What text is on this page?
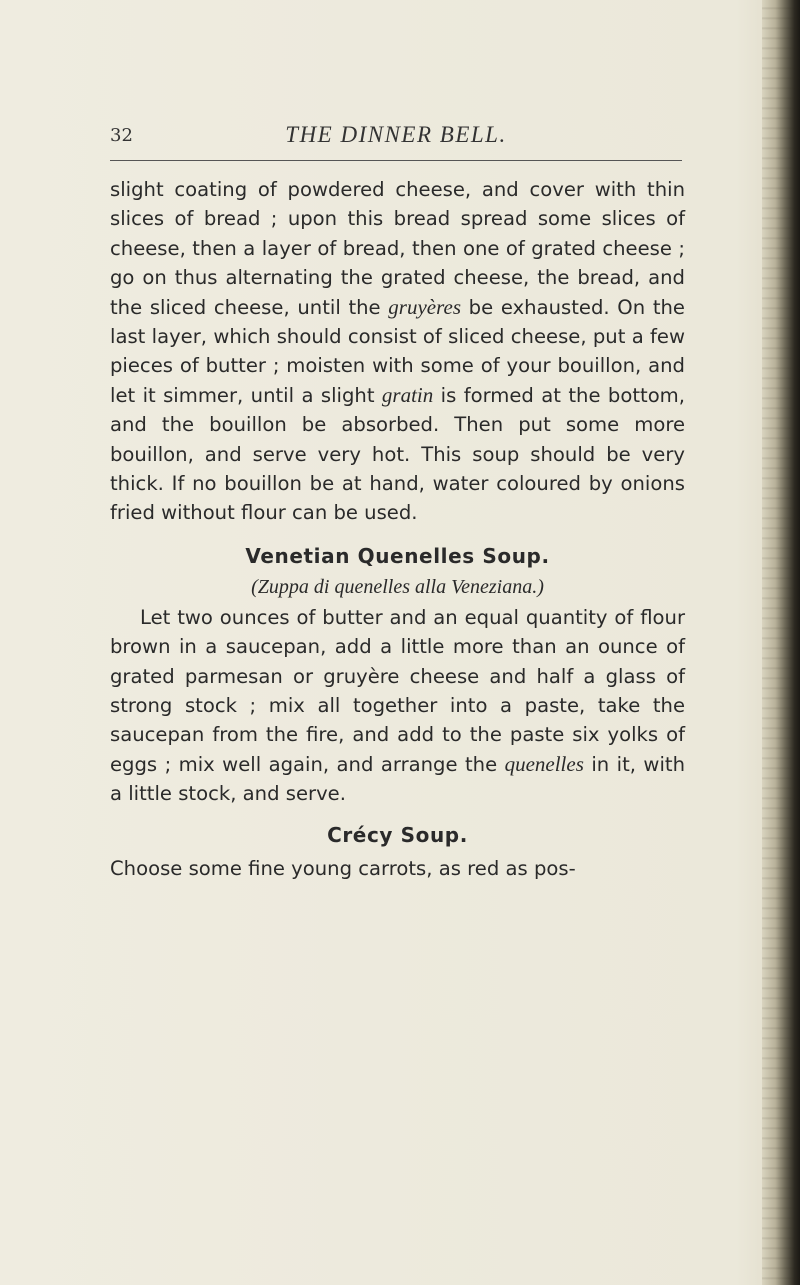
32	THE DINNER BELL.

slight coating of powdered cheese, and cover with thin slices of bread ; upon this bread spread some slices of cheese, then a layer of bread, then one of grated cheese ; go on thus alternating the grated cheese, the bread, and the sliced cheese, until the gruyères be exhausted. On the last layer, which should consist of sliced cheese, put a few pieces of butter ; moisten with some of your bouillon, and let it simmer, until a slight gratin is formed at the bottom, and the bouillon be absorbed. Then put some more bouillon, and serve very hot. This soup should be very thick. If no bouillon be at hand, water coloured by onions fried without flour can be used.

Venetian Quenelles Soup.
(Zuppa di quenelles alla Veneziana.)

Let two ounces of butter and an equal quantity of flour brown in a saucepan, add a little more than an ounce of grated parmesan or gruyère cheese and half a glass of strong stock ; mix all together into a paste, take the saucepan from the fire, and add to the paste six yolks of eggs ; mix well again, and arrange the quenelles in it, with a little stock, and serve.

Crécy Soup.

Choose some fine young carrots, as red as pos-
